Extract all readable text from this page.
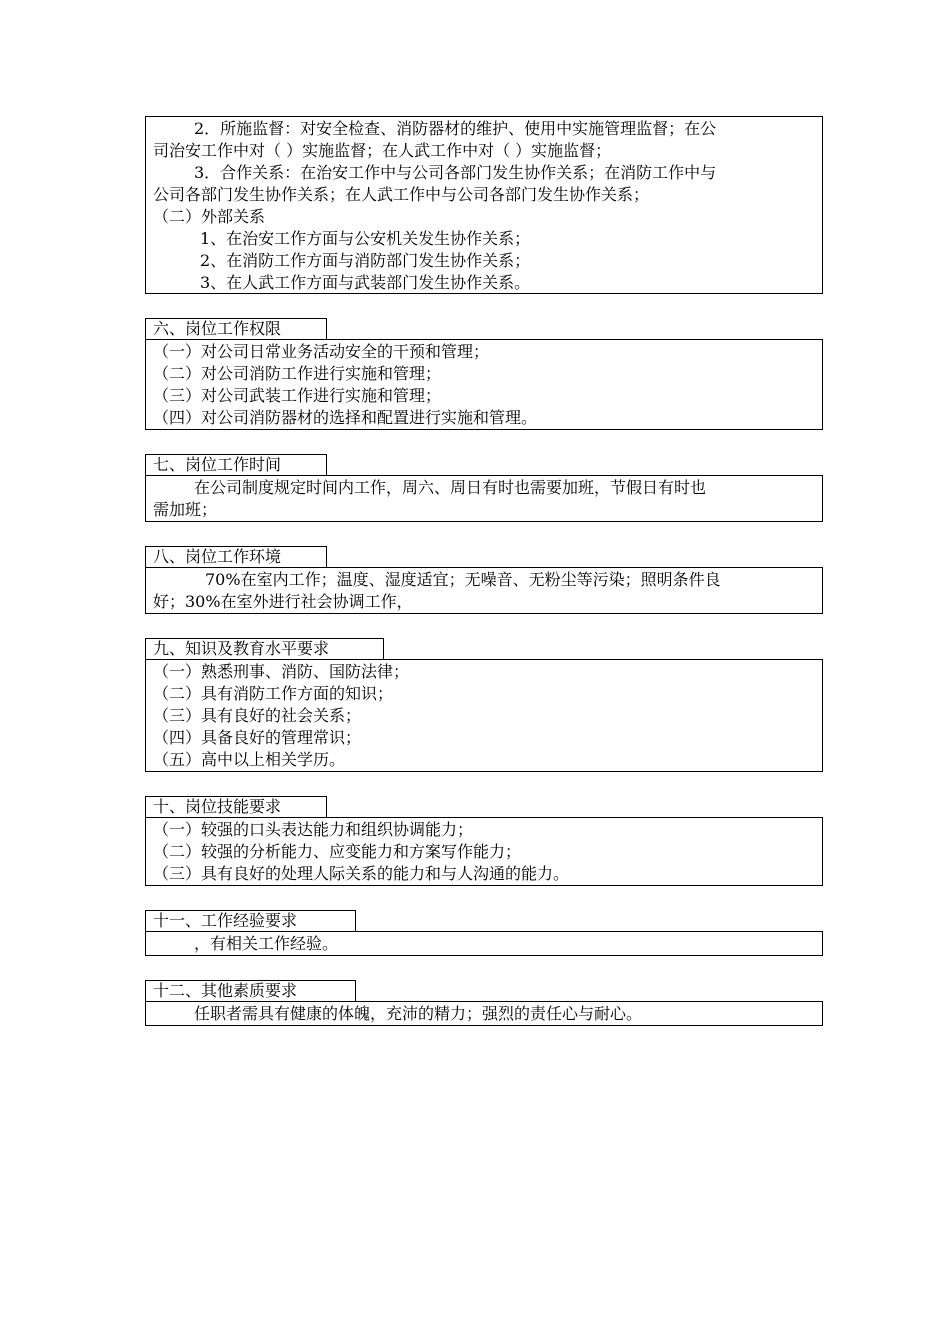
2．所施监督：对安全检查、消防器材的维护、使用中实施管理监督；在公
司治安工作中对（ ）实施监督；在人武工作中对（ ）实施监督；
3．合作关系：在治安工作中与公司各部门发生协作关系；在消防工作中与
公司各部门发生协作关系；在人武工作中与公司各部门发生协作关系；
（二）外部关系
1、在治安工作方面与公安机关发生协作关系；
2、在消防工作方面与消防部门发生协作关系；
3、在人武工作方面与武装部门发生协作关系。
六、岗位工作权限
（一）对公司日常业务活动安全的干预和管理；
（二）对公司消防工作进行实施和管理；
（三）对公司武装工作进行实施和管理；
（四）对公司消防器材的选择和配置进行实施和管理。
七、岗位工作时间
在公司制度规定时间内工作，周六、周日有时也需要加班，节假日有时也
需加班；
八、岗位工作环境
70%在室内工作；温度、湿度适宜；无噪音、无粉尘等污染；照明条件良
好；30%在室外进行社会协调工作，
九、知识及教育水平要求
（一）熟悉刑事、消防、国防法律；
（二）具有消防工作方面的知识；
（三）具有良好的社会关系；
（四）具备良好的管理常识；
（五）高中以上相关学历。
十、岗位技能要求
（一）较强的口头表达能力和组织协调能力；
（二）较强的分析能力、应变能力和方案写作能力；
（三）具有良好的处理人际关系的能力和与人沟通的能力。
十一、工作经验要求
，有相关工作经验。
十二、其他素质要求
任职者需具有健康的体魄，充沛的精力；强烈的责任心与耐心。
